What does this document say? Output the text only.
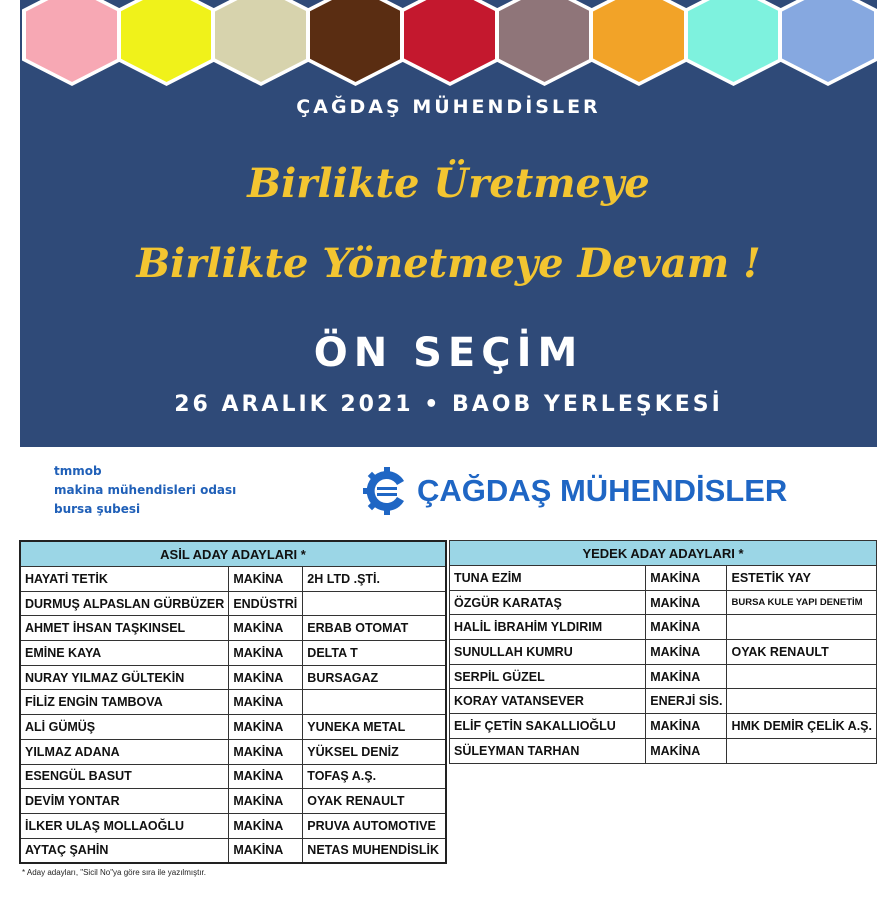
ÇAĞDAŞ MÜHENDİSLER
Birlikte Üretmeye
Birlikte Yönetmeye Devam !
ÖN SEÇİM
26 ARALIK 2021 • BAOB YERLEŞKESİ
tmmob
makina mühendisleri odası
bursa şubesi
ÇAĞDAŞ MÜHENDİSLER
ASİL ADAY ADAYLARI *		
HAYATİ TETİK	MAKİNA	2H LTD .ŞTİ.
DURMUŞ ALPASLAN GÜRBÜZER	ENDÜSTRİ	
AHMET İHSAN TAŞKINSEL	MAKİNA	ERBAB OTOMAT
EMİNE KAYA	MAKİNA	DELTA T
NURAY YILMAZ GÜLTEKİN	MAKİNA	BURSAGAZ
FİLİZ ENGİN TAMBOVA	MAKİNA	
ALİ GÜMÜŞ	MAKİNA	YUNEKA METAL
YILMAZ ADANA	MAKİNA	YÜKSEL DENİZ
ESENGÜL BASUT	MAKİNA	TOFAŞ A.Ş.
DEVİM YONTAR	MAKİNA	OYAK RENAULT
İLKER ULAŞ MOLLAOĞLU	MAKİNA	PRUVA AUTOMOTIVE
AYTAÇ ŞAHİN	MAKİNA	NETAS MUHENDİSLİK
YEDEK ADAY ADAYLARI *		
TUNA EZİM	MAKİNA	ESTETİK YAY
ÖZGÜR KARATAŞ	MAKİNA	BURSA KULE YAPI DENETİM
HALİL İBRAHİM YLDIRIM	MAKİNA	
SUNULLAH KUMRU	MAKİNA	OYAK RENAULT
SERPİL GÜZEL	MAKİNA	
KORAY VATANSEVER	ENERJİ SİS.	
ELİF ÇETİN SAKALLIOĞLU	MAKİNA	HMK DEMİR ÇELİK A.Ş.
SÜLEYMAN TARHAN	MAKİNA	
* Aday adayları, "Sicil No"ya göre sıra ile yazılmıştır.
